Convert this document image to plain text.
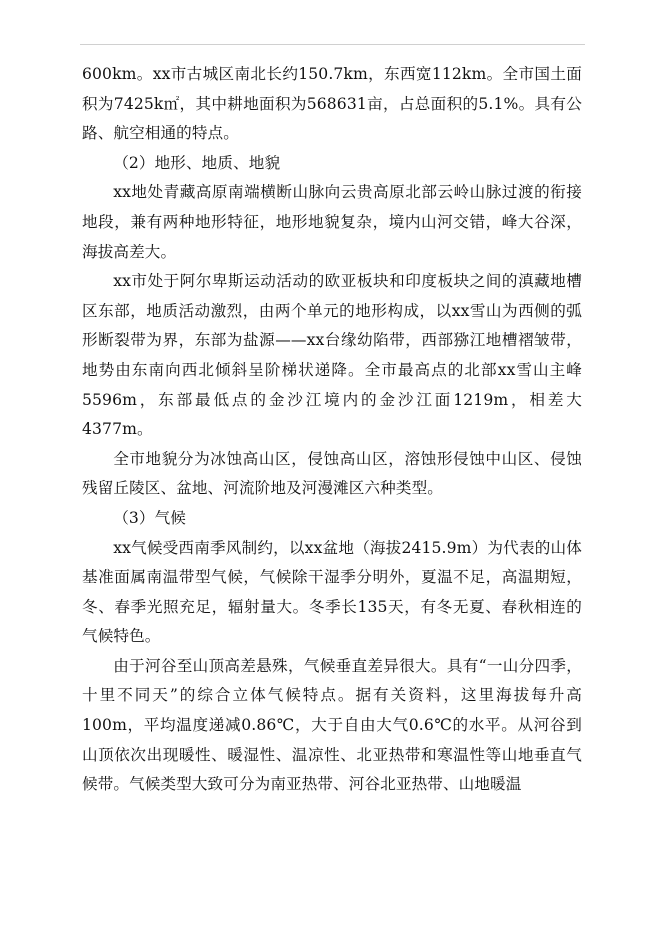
600km。xx市古城区南北长约150.7km，东西宽112km。全市国土面积为7425k㎡，其中耕地面积为568631亩，占总面积的5.1%。具有公路、航空相通的特点。

（2）地形、地质、地貌

xx地处青藏高原南端横断山脉向云贵高原北部云岭山脉过渡的衔接地段，兼有两种地形特征，地形地貌复杂，境内山河交错，峰大谷深，海拔高差大。

xx市处于阿尔卑斯运动活动的欧亚板块和印度板块之间的滇藏地槽区东部，地质活动激烈，由两个单元的地形构成，以xx雪山为西侧的弧形断裂带为界，东部为盐源——xx台缘幼陷带，西部猕江地槽褶皱带，地势由东南向西北倾斜呈阶梯状递降。全市最高点的北部xx雪山主峰5596m，东部最低点的金沙江境内的金沙江面1219m，相差大4377m。

全市地貌分为冰蚀高山区，侵蚀高山区，溶蚀形侵蚀中山区、侵蚀残留丘陵区、盆地、河流阶地及河漫滩区六种类型。

（3）气候

xx气候受西南季风制约，以xx盆地（海拔2415.9m）为代表的山体基准面属南温带型气候，气候除干湿季分明外，夏温不足，高温期短，冬、春季光照充足，辐射量大。冬季长135天，有冬无夏、春秋相连的气候特色。

由于河谷至山顶高差悬殊，气候垂直差异很大。具有“一山分四季，十里不同天”的综合立体气候特点。据有关资料，这里海拔每升高100m，平均温度递减0.86℃，大于自由大气0.6℃的水平。从河谷到山顶依次出现暖性、暖湿性、温凉性、北亚热带和寒温性等山地垂直气候带。气候类型大致可分为南亚热带、河谷北亚热带、山地暖温
